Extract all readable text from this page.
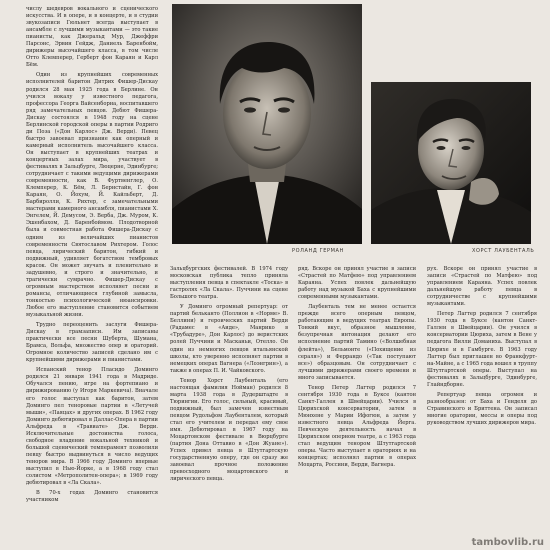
числу шедевров вокального и сценического искусства. И в опере, и в концерте, и в студии звукозаписи Гюльнет всегда выступает в ансамбле с лучшими музыкантами — это такие пианисты, как Джеральд Мур, Джеффри Парсонс, Эрвин Гейдж, Даниель Баренбойм, дирижеры высочайшего класса, в том числе Отто Клемперер, Герберт фон Караян и Карл Бём.

Один из крупнейших современных исполнителей баритон Дитрих Фишер-Дискау родился 28 мая 1925 года в Берлине. Он учился вокалу у известного педагога, профессора Георга Вайсенборна, воспитавшего ряд замечательных певцов. Дебют Фишера-Дискау состоялся в 1948 году на сцене Берлинской городской оперы в партии Родриго ди Поза («Дон Карлос» Дж. Верди). Певец быстро завоевал признание как оперный и камерный исполнитель высочайшего класса. Он выступает в крупнейших театрах и концертных залах мира, участвует в фестивалях в Зальцбурге, Люцерне, Эдинбурге; сотрудничает с такими ведущими дирижерами современности, как В. Фуртвенглер, О. Клемперер, К. Бём, Л. Бернстайн, Г. фон Караян, О. Йохум, Й. Кайльберт, Д. Барбиролли, К. Рихтер, с замечательными мастерами камерного ансамбля, пианистами Х. Энгелем, Й. Демусом, Э. Верба, Дж. Муром, К. Эшенбахом, Д. Баренбоймом. Плодотворной была и совместная работа Фишера-Дискау с одним из величайших пианистов современности Святославом Рихтером. Голос певца, лирический баритон, гибкий и подвижный, удивляет богатством тембровых красок. Он может звучать и пленительно и задушевно, и строго и значительно, и трагически сумрачно. Фишер-Дискау с огромным мастерством исполняет песни и романсы, отличающиеся глубиной замысла, тонкостью психологической нюансировки. Любое его выступление становится событием музыкальной жизни.

Трудно переоценить заслуги Фишера-Дискау в грамзаписи. Им записаны практически все песни Шуберта, Шумана, Брамса, Вольфа, множество опер и ораторий. Огромное количество записей сделано им с крупнейшими дирижерами и пианистами.

Испанский тенор Пласидо Доминго родился 21 января 1941 года в Мадриде. Обучался пению, игре на фортепиано и дирижированию (у Игоря Маркевича). Вначале его голос выступал как баритон, затем Доминго пел теноровые партии в «Летучей мыши», «Паяцах» и других операх. В 1962 году Доминго дебютировал в Даллас-Опера в партии Альфреда в «Травиате» Дж. Верди. Исключительные достоинства голоса, свободное владение вокальной техникой и большой сценический темперамент позволили певцу быстро выдвинуться в число ведущих теноров мира. В 1966 году Доминго впервые выступил в Нью-Йорке, а в 1968 году стал солистом «Метрополитен-опера»; в 1969 году дебютировал в «Ла Скала».

В 70-х годах Доминго становится участником

РОЛАНД ГЕРМАН	ХОРСТ ЛАУБЕНТАЛЬ

Зальцбургских фестивалей. В 1974 году московская публика тепло приняла выступления певца в спектакле «Тоска» в гастролях «Ла Скала». Пуччини на сцене Большого театра.

У Доминго огромный репертуар: от партий бельканто (Поллион в «Норме» В. Беллини) и героических партий Верди (Радамес в «Аиде», Манрико в «Трубадуре», Дон Карлос) до веристских ролей Пуччини и Масканьи, Отелло. Он один из немногих певцов итальянской школы, кто уверенно исполняет партии в немецких операх Вагнера («Лоэнгрин»), а также в операх П. И. Чайковского.

Тенор Хорст Лаубенталь (его настоящая фамилия Нойман) родился 8 марта 1938 года в Дудерштадте в Тюрингии. Его голос, сильный, красивый, подвижный, был замечен известным певцом Рудольфом Лаубенталем, который стал его учителем и передал ему свое имя. Дебютировал в 1967 году на Моцартовском фестивале в Вюрцбурге (партия Дона Оттавио в «Дон Жуане»). Успех привел певца в Штутгартскую государственную оперу, где он сразу же завоевал прочное положение превосходного моцартовского и лирического певца.

ряд. Вскоре он принял участие в записи «Страстей по Матфею» под управлением Караяна. Успех повлек дальнейшую работу над музыкой Баха с крупнейшими современными музыкантами.

Лаубенталь тем не менее остается прежде всего оперным певцом, работающим в ведущих театрах Европы. Тонкий вкус, образное мышление, безупречная интонация делают его исполнение партий Тамино («Волшебная флейта»), Бельмонте («Похищение из сераля») и Феррандо («Так поступают все») образцовым. Он сотрудничает с лучшими дирижерами своего времени и много записывается.

Тенор Петер Лагтер родился 7 сентября 1930 года в Буксе (кантон Санкт-Галлен в Швейцарии). Учился в Цюрихской консерватории, затем в Мюнхене у Марии Ифогюн, а затем у известного певца Альфреда Йерга. Певческую деятельность начал в Цюрихском оперном театре, а с 1963 года стал ведущим тенором Штутгартской оперы. Часто выступает в ораториях и на концертах; исполнял партии в операх Моцарта, Россини, Верди, Вагнера.

рух. Вскоре он принял участие в записи «Страстей по Матфею» под управлением Караяна. Успех повлек дальнейшую работу певца в сотрудничестве с крупнейшими музыкантами.

Петер Лагтер родился 7 сентября 1930 года в Буксе (кантон Санкт-Галлен в Швейцарии). Он учился в консерватории Цюриха, затем в Вене у педагога Вилли Доманиха. Выступал в Цюрихе и в Гамбурге. В 1963 году Лагтер был приглашен во Франкфурт-на-Майне, а с 1965 года вошел в труппу Штутгартской оперы. Выступал на фестивалях в Зальцбурге, Эдинбурге, Глайндборне.

Репертуар певца огромен и разнообразен: от Баха и Генделя до Стравинского и Бриттена. Он записал многие оратории, мессы и оперы под руководством лучших дирижеров мира.

tambovlib.ru
